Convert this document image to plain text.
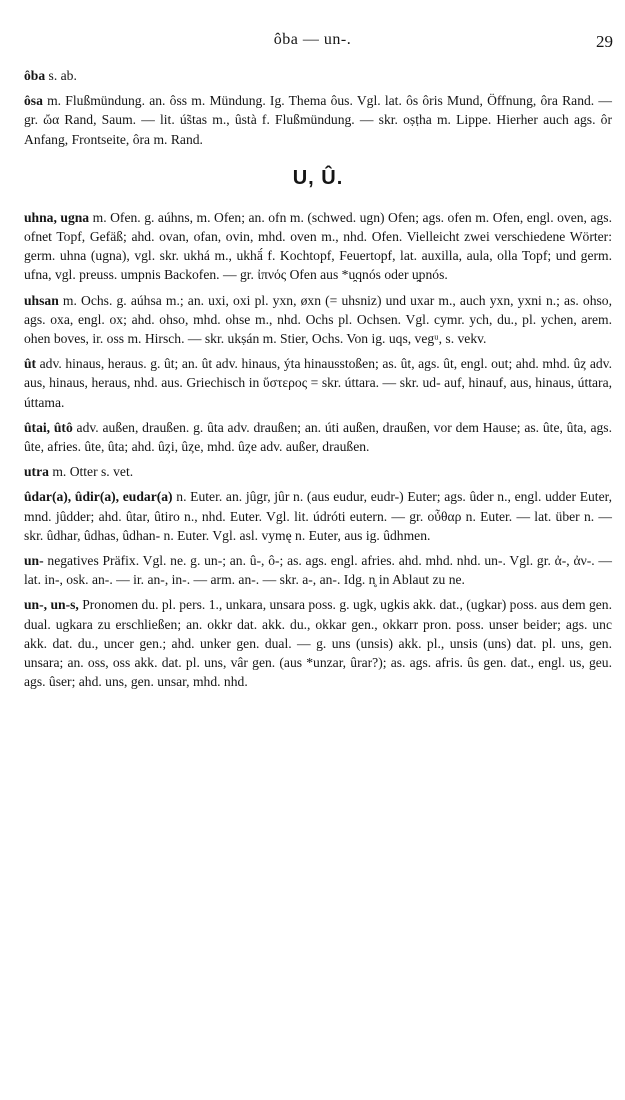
ôba — un-.	29

ôba s. ab.

ôsa m. Flußmündung. an. ôss m. Mündung. Ig. Thema ôus. Vgl. lat. ôs ôris Mund, Öffnung, ôra Rand. — gr. ὤα Rand, Saum. — lit. ú̃stas m., ûstà f. Flußmündung. — skr. oṣṭha m. Lippe. Hierher auch ags. ôr Anfang, Frontseite, ôra m. Rand.

U, Û.

uhna, ugna m. Ofen. g. aúhns, m. Ofen; an. ofn m. (schwed. ugn) Ofen; ags. ofen m. Ofen, engl. oven, ags. ofnet Topf, Gefäß; ahd. ovan, ofan, ovin, mhd. oven m., nhd. Ofen. Vielleicht zwei verschiedene Wörter: germ. uhna (ugna), vgl. skr. ukhá m., ukhā́ f. Kochtopf, Feuertopf, lat. auxilla, aula, olla Topf; und germ. ufna, vgl. preuss. umpnis Backofen. — gr. ἰπνός Ofen aus *u̯qnós oder u̯pnós.

uhsan m. Ochs. g. aúhsa m.; an. uxi, oxi pl. yxn, øxn (= uhsniz) und uxar m., auch yxn, yxni n.; as. ohso, ags. oxa, engl. ox; ahd. ohso, mhd. ohse m., nhd. Ochs pl. Ochsen. Vgl. cymr. ych, du., pl. ychen, arem. ohen boves, ir. oss m. Hirsch. — skr. ukṣán m. Stier, Ochs. Von ig. uqs, vegᵘ, s. vekv.

ût adv. hinaus, heraus. g. ût; an. ût adv. hinaus, ýta hinausstoßen; as. ût, ags. ût, engl. out; ahd. mhd. ûȥ adv. aus, hinaus, heraus, nhd. aus. Griechisch in ὕστερος = skr. úttara. — skr. ud- auf, hinauf, aus, hinaus, úttara, úttama.

ûtai, ûtô adv. außen, draußen. g. ûta adv. draußen; an. úti außen, draußen, vor dem Hause; as. ûte, ûta, ags. ûte, afries. ûte, ûta; ahd. ûȥi, ûȥe, mhd. ûȥe adv. außer, draußen.

utra m. Otter s. vet.

ûdar(a), ûdir(a), eudar(a) n. Euter. an. jûgr, jûr n. (aus eudur, eudr-) Euter; ags. ûder n., engl. udder Euter, mnd. jûdder; ahd. ûtar, ûtiro n., nhd. Euter. Vgl. lit. údróti eutern. — gr. οὖθαρ n. Euter. — lat. über n. — skr. ûdhar, ûdhas, ûdhan- n. Euter. Vgl. asl. vymę n. Euter, aus ig. ûdhmen.

un- negatives Präfix. Vgl. ne. g. un-; an. û-, ô-; as. ags. engl. afries. ahd. mhd. nhd. un-. Vgl. gr. ἀ-, ἀν-. — lat. in-, osk. an-. — ir. an-, in-. — arm. an-. — skr. a-, an-. Idg. n̥ in Ablaut zu ne.

un-, un-s, Pronomen du. pl. pers. 1., unkara, unsara poss. g. ugk, ugkis akk. dat., (ugkar) poss. aus dem gen. dual. ugkara zu erschließen; an. okkr dat. akk. du., okkar gen., okkarr pron. poss. unser beider; ags. unc akk. dat. du., uncer gen.; ahd. unker gen. dual. — g. uns (unsis) akk. pl., unsis (uns) dat. pl. uns, gen. unsara; an. oss, oss akk. dat. pl. uns, vâr gen. (aus *unzar, ûrar?); as. ags. afris. ûs gen. dat., engl. us, geu. ags. ûser; ahd. uns, gen. unsar, mhd. nhd.
